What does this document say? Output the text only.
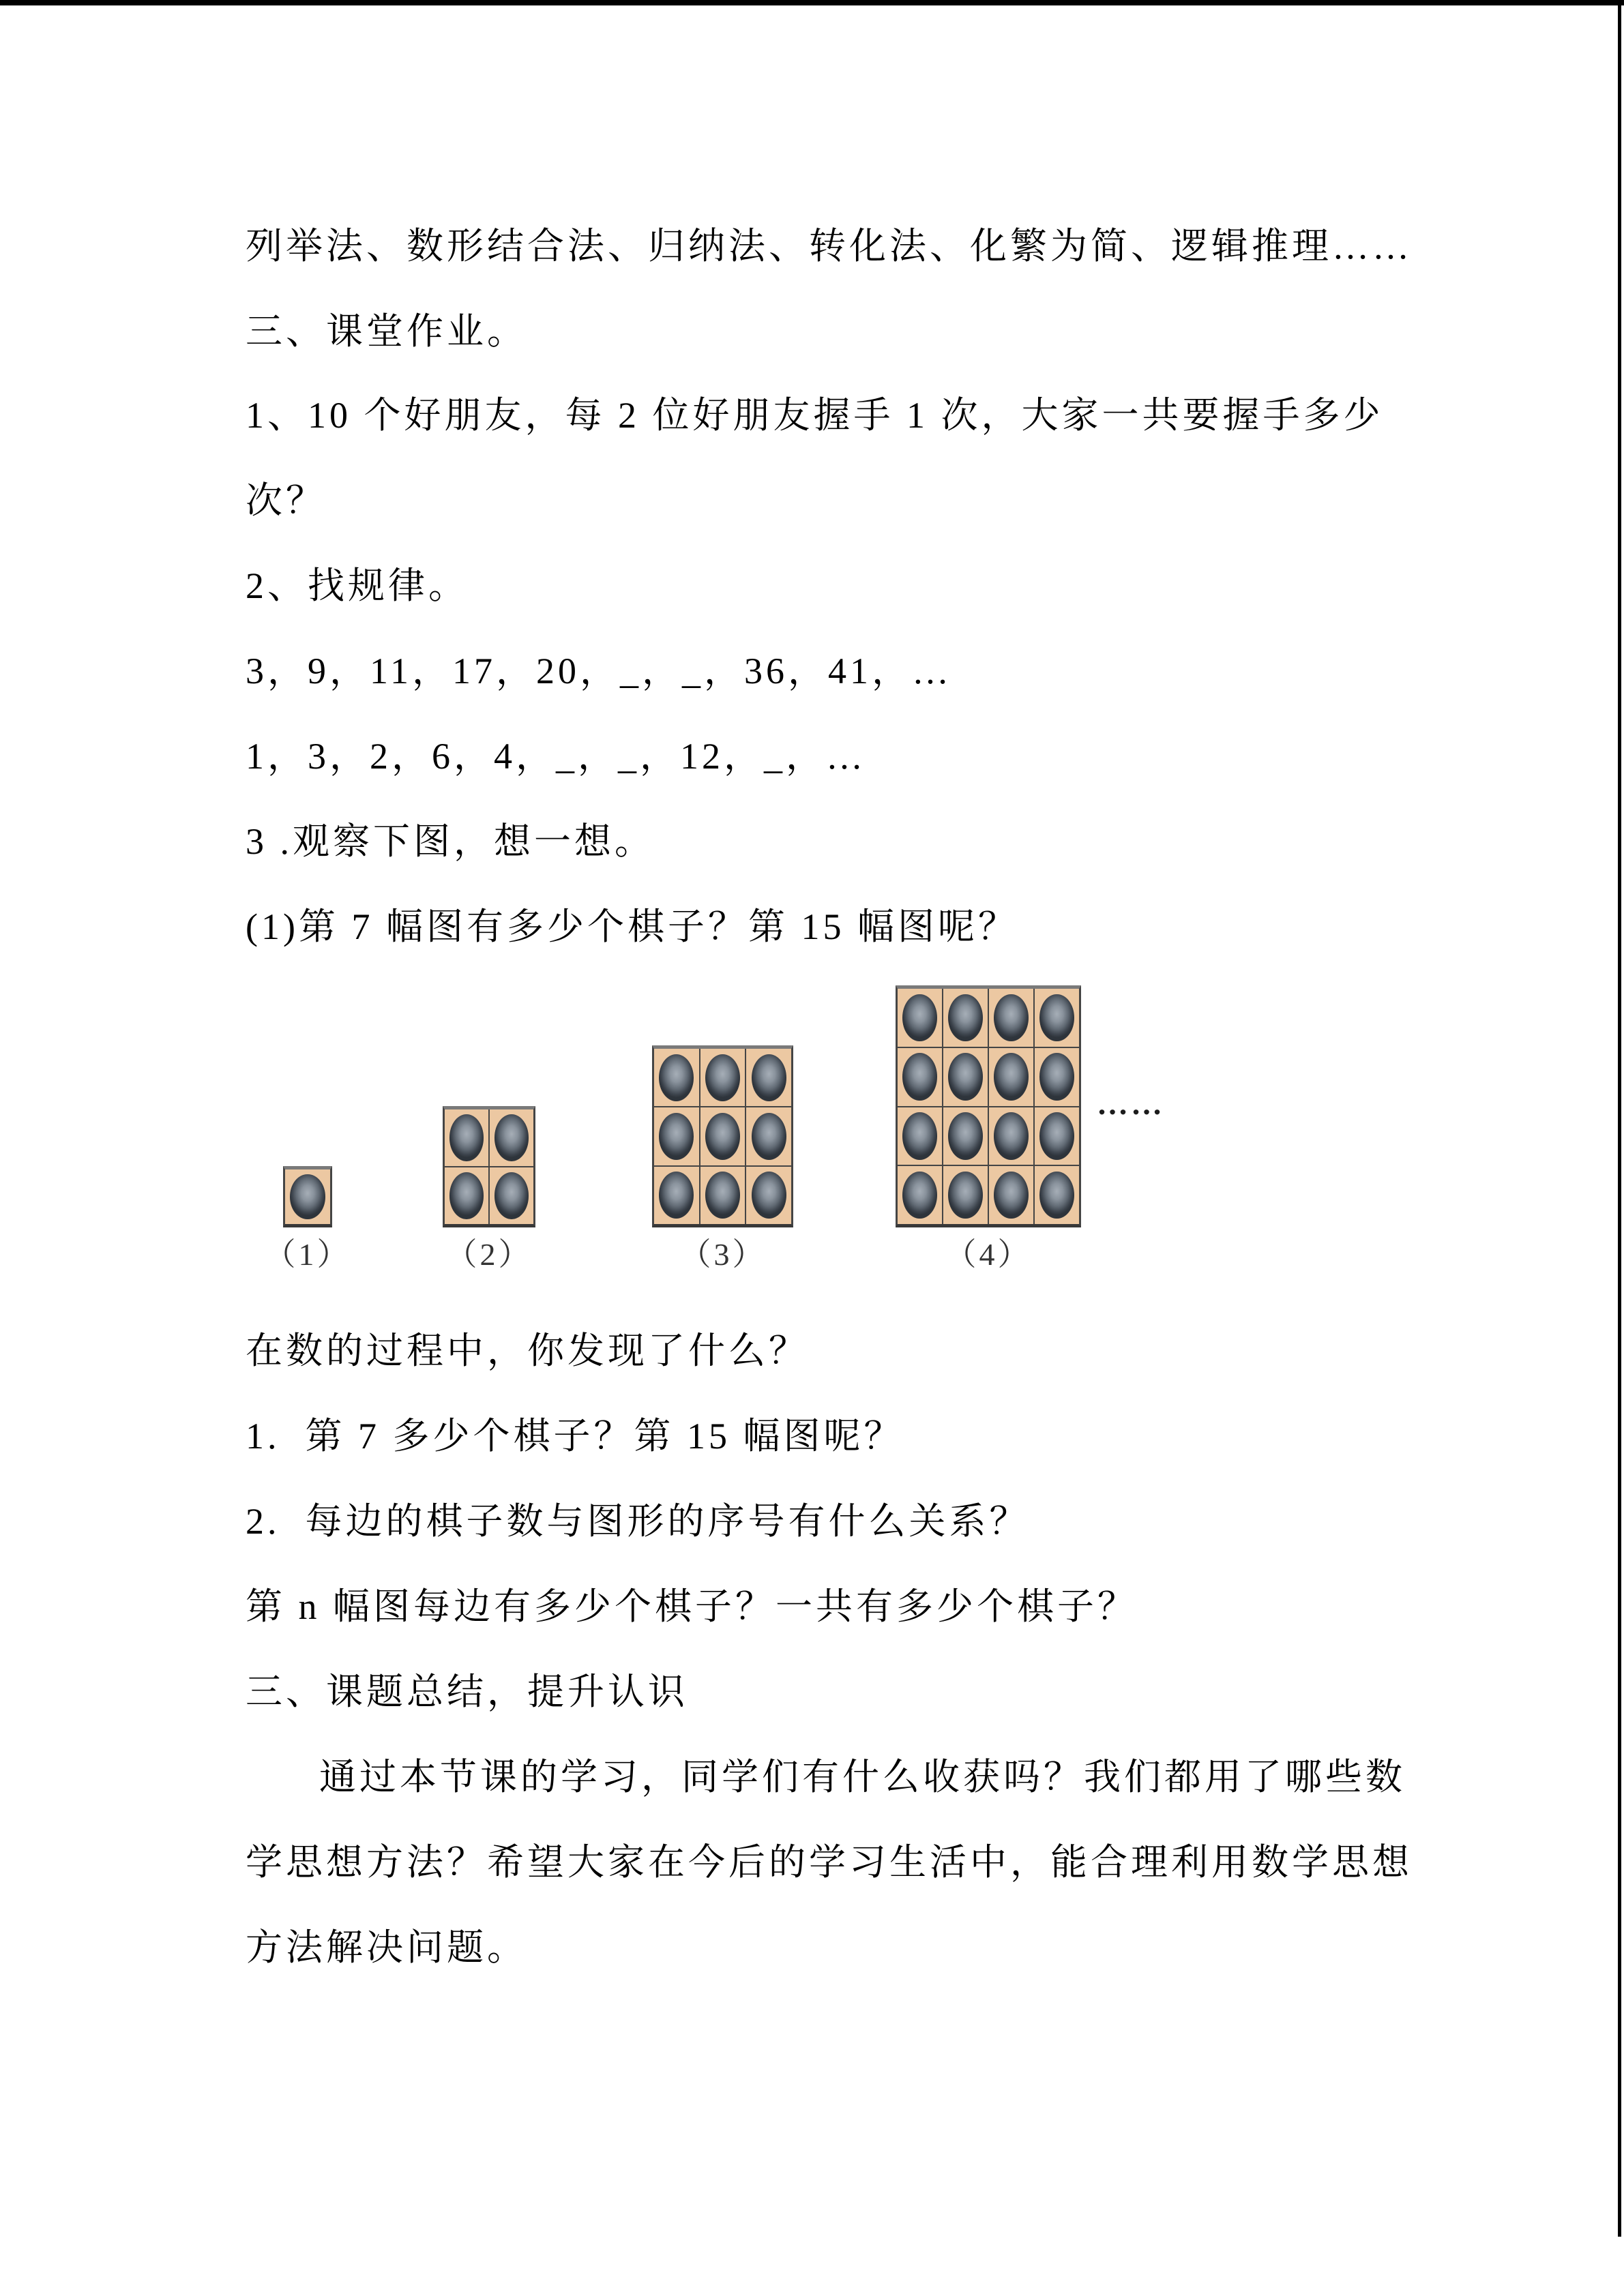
列举法、数形结合法、归纳法、转化法、化繁为简、逻辑推理……
三、课堂作业。
1、10 个好朋友，每 2 位好朋友握手 1 次，大家一共要握手多少
次？
2、找规律。
3，9，11，17，20，_，_，36，41，…
1，3，2，6，4，_，_，12，_，…
3 .观察下图，想一想。
(1)第 7 幅图有多少个棋子？第 15 幅图呢？
……
（1）	（2）	（3）	（4）
在数的过程中，你发现了什么？
1.  第 7 多少个棋子？第 15 幅图呢？
2.  每边的棋子数与图形的序号有什么关系？
第 n 幅图每边有多少个棋子？一共有多少个棋子？
三、课题总结，提升认识
通过本节课的学习，同学们有什么收获吗？我们都用了哪些数
学思想方法？希望大家在今后的学习生活中，能合理利用数学思想
方法解决问题。
